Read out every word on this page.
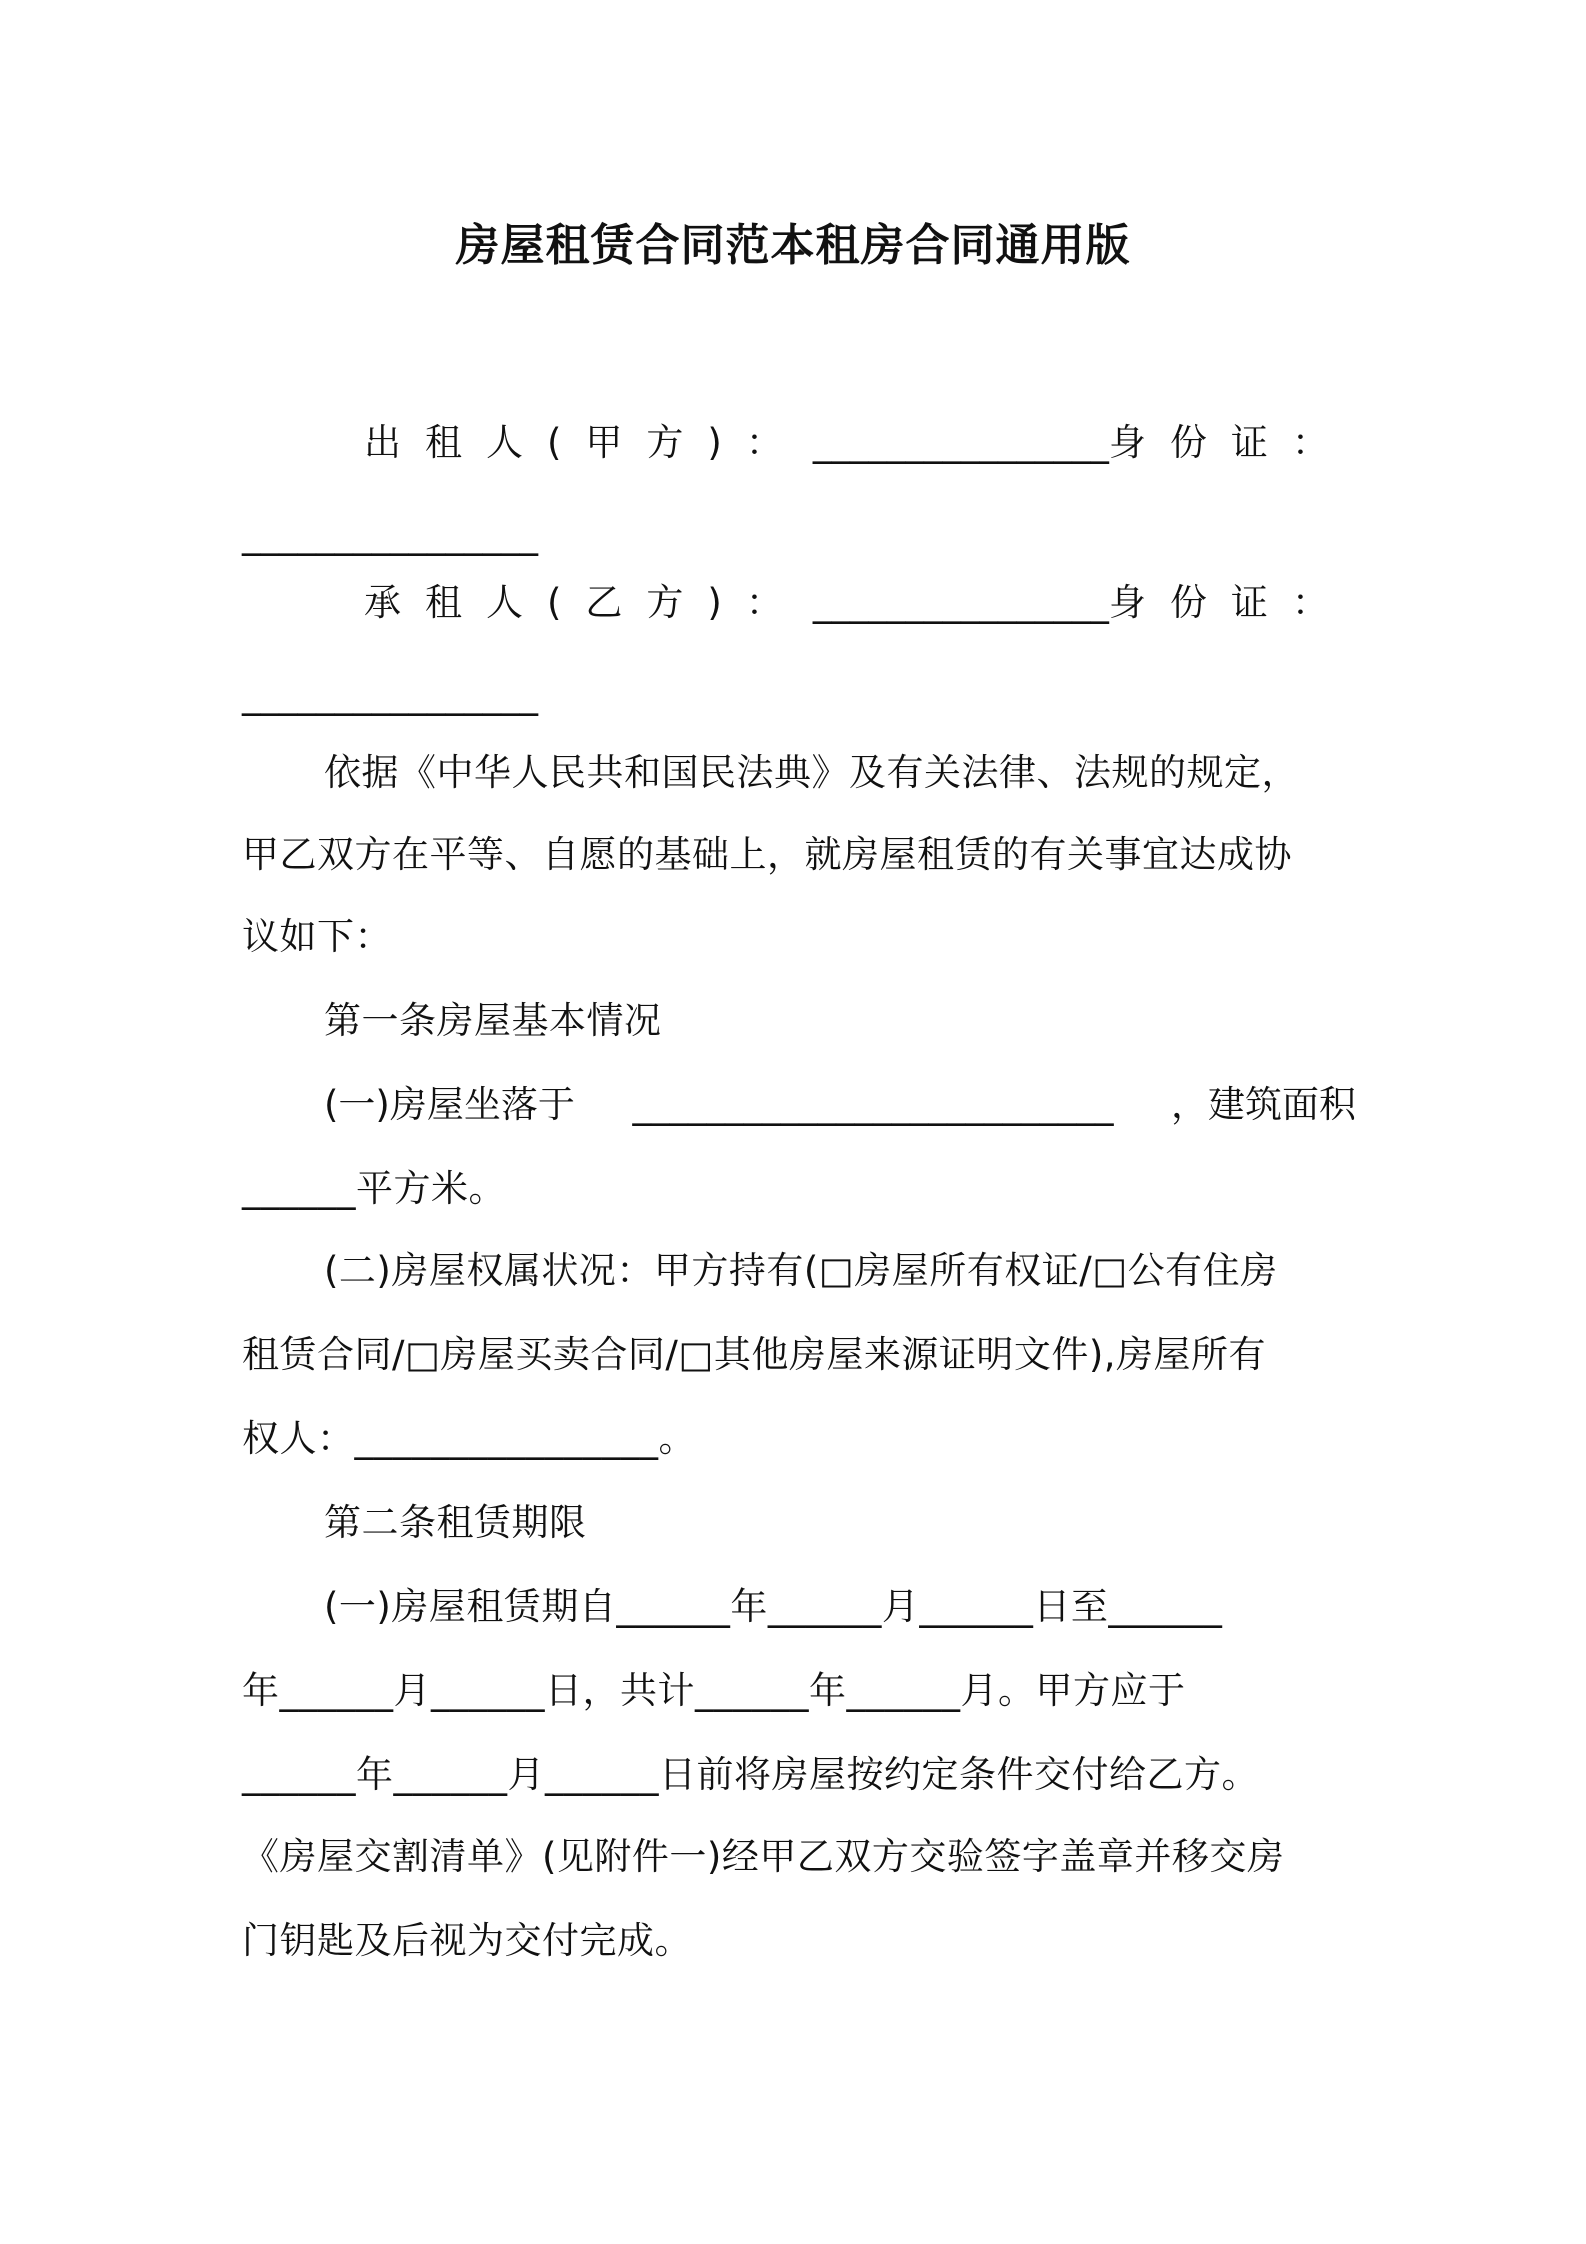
房屋租赁合同范本租房合同通用版
出租人(甲方)： ________________ 身份证：
________________
承租人(乙方)： ________________ 身份证：
________________
依据《中华人民共和国民法典》及有关法律、法规的规定，
甲乙双方在平等、自愿的基础上，就房屋租赁的有关事宜达成协
议如下：
第一条房屋基本情况
(一)房屋坐落于 __________________________ ，建筑面积
______平方米。
(二)房屋权属状况：甲方持有(□房屋所有权证/□公有住房
租赁合同/□房屋买卖合同/□其他房屋来源证明文件),房屋所有
权人：________________。
第二条租赁期限
(一)房屋租赁期自______年______月______日至______
年______月______日，共计______年______月。甲方应于
______年______月______日前将房屋按约定条件交付给乙方。
《房屋交割清单》(见附件一)经甲乙双方交验签字盖章并移交房
门钥匙及后视为交付完成。
